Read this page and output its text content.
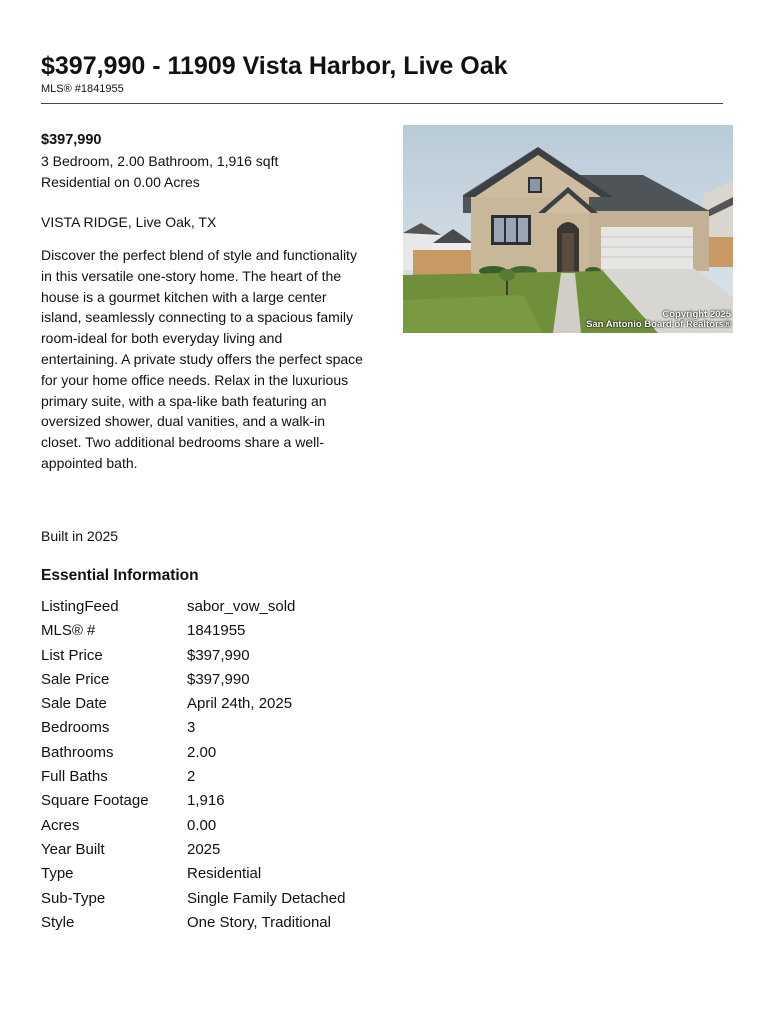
$397,990 - 11909 Vista Harbor, Live Oak
MLS® #1841955
$397,990
3 Bedroom, 2.00 Bathroom, 1,916 sqft
Residential on 0.00 Acres
VISTA RIDGE, Live Oak, TX

Discover the perfect blend of style and functionality in this versatile one-story home. The heart of the house is a gourmet kitchen with a large center island, seamlessly connecting to a spacious family room-ideal for both everyday living and entertaining. A private study offers the perfect space for your home office needs. Relax in the luxurious primary suite, with a spa-like bath featuring an oversized shower, dual vanities, and a walk-in closet. Two additional bedrooms share a well-appointed bath.

Built in 2025
Copyright 2025
San Antonio Board of Realtors®
Essential Information
ListingFeed	sabor_vow_sold
MLS® #	1841955
List Price	$397,990
Sale Price	$397,990
Sale Date	April 24th, 2025
Bedrooms	3
Bathrooms	2.00
Full Baths	2
Square Footage	1,916
Acres	0.00
Year Built	2025
Type	Residential
Sub-Type	Single Family Detached
Style	One Story, Traditional
